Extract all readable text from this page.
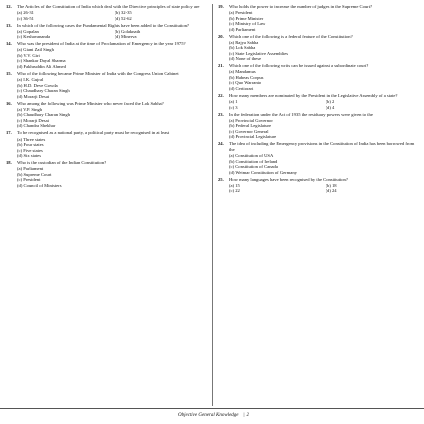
12.	The Articles of the Constitution of India which deal with the Directive principles of state policy are
(a) 26-31	(b) 32-35
(c) 36-51	(d) 52-62
13.	In which of the following cases the Fundamental Rights have been added to the Constitution?
(a) Gopalan	(b) Golaknath
(c) Keshavananda	(d) Minerva
14.	Who was the president of India at the time of Proclamation of Emergency in the year 1975?
(a) Giani Zail Singh
(b) V.V. Giri
(c) Shankar Dayal Sharma
(d) Fakhruddin Ali Ahmed
15.	Who of the following became Prime Minister of India with the Congress Union Cabinet
(a) I.K. Gujral
(b) H.D. Deve Gowda
(c) Chaudhary Charan Singh
(d) Morarji Desai
16.	Who among the following was Prime Minister who never faced the Lok Sabha?
(a) V.P. Singh
(b) Chaudhary Charan Singh
(c) Morarji Desai
(d) Chandra Shekhar
17.	To be recognised as a national party, a political party must be recognised in at least
(a) Three states
(b) Four states
(c) Five states
(d) Six states
18.	Who is the custodian of the Indian Constitution?
(a) Parliament
(b) Supreme Court
(c) President
(d) Council of Ministers
19.	Who holds the power to increase the number of judges in the Supreme Court?
(a) President
(b) Prime Minister
(c) Ministry of Law
(d) Parliament
20.	Which one of the following is a federal feature of the Constitution?
(a) Rajya Sabha
(b) Lok Sabha
(c) State Legislative Assemblies
(d) None of these
21.	Which one of the following writs can be issued against a subordinate court?
(a) Mandamus
(b) Habeas Corpus
(c) Quo Warranto
(d) Certiorari
22.	How many members are nominated by the President in the Legislative Assembly of a state?
(a) 1	(b) 2
(c) 3	(d) 4
23.	In the federation under the Act of 1935 the residuary powers were given to the
(a) Provincial Governor
(b) Federal Legislature
(c) Governor General
(d) Provincial Legislature
24.	The idea of including the Emergency provisions in the Constitution of India has been borrowed from the
(a) Constitution of USA
(b) Constitution of Ireland
(c) Constitution of Canada
(d) Weimar Constitution of Germany
25.	How many languages have been recognised by the Constitution?
(a) 15	(b) 18
(c) 22	(d) 24
Objective General Knowledge	| 2
